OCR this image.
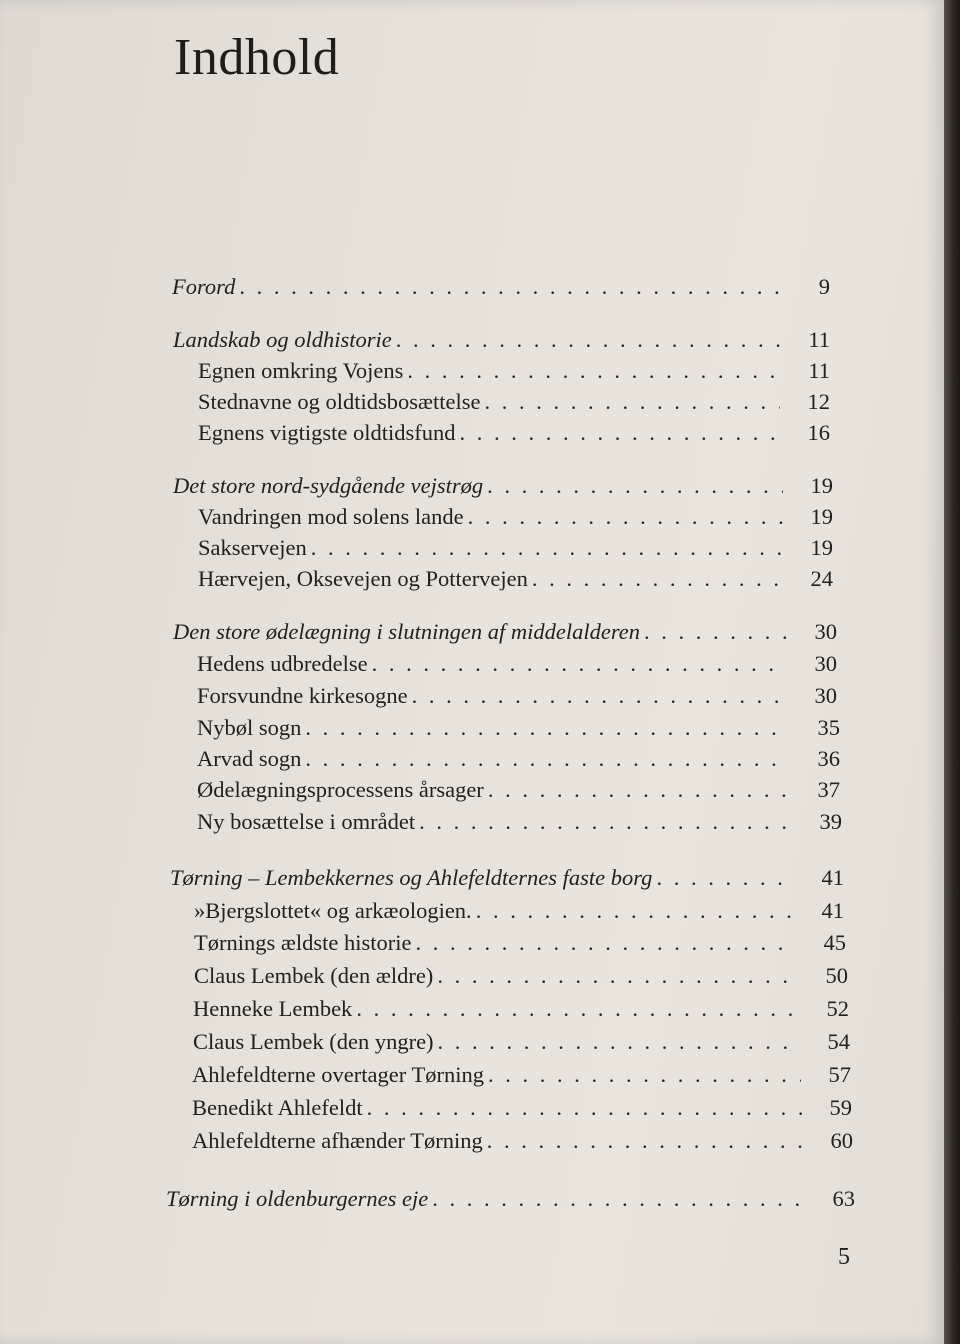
Indhold
Forord . . .	9
Landskab og oldhistorie . . .	11
Egnen omkring Vojens . . .	11
Stednavne og oldtidsbosættelse . . .	12
Egnens vigtigste oldtidsfund . . .	16
Det store nord-sydgående vejstrøg . . .	19
Vandringen mod solens lande . . .	19
Sakservejen . . .	19
Hærvejen, Oksevejen og Pottervejen . . .	24
Den store ødelægning i slutningen af middelalderen . . .	30
Hedens udbredelse . . .	30
Forsvundne kirkesogne . . .	30
Nybøl sogn . . .	35
Arvad sogn . . .	36
Ødelægningsprocessens årsager . . .	37
Ny bosættelse i området . . .	39
Tørning – Lembekkernes og Ahlefeldternes faste borg . . .	41
»Bjergslottet« og arkæologien. . . .	41
Tørnings ældste historie . . .	45
Claus Lembek (den ældre) . . .	50
Henneke Lembek . . .	52
Claus Lembek (den yngre) . . .	54
Ahlefeldterne overtager Tørning . . .	57
Benedikt Ahlefeldt . . .	59
Ahlefeldterne afhænder Tørning . . .	60
Tørning i oldenburgernes eje . . .	63
5
